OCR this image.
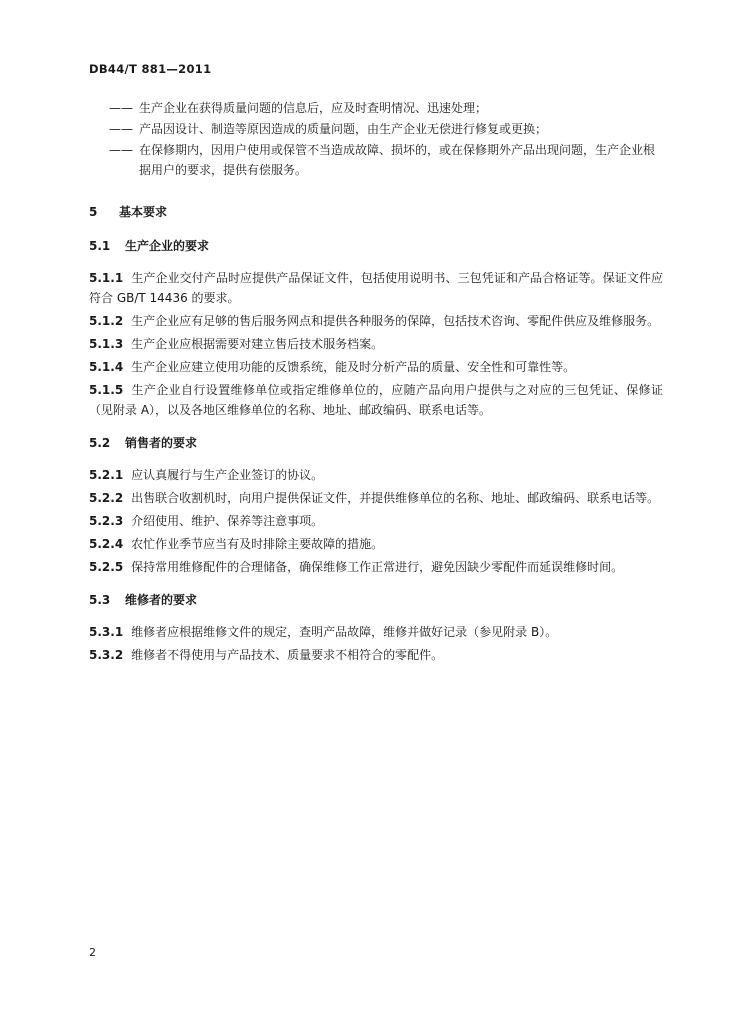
DB44/T 881—2011
—— 生产企业在获得质量问题的信息后，应及时查明情况、迅速处理；
—— 产品因设计、制造等原因造成的质量问题，由生产企业无偿进行修复或更换；
—— 在保修期内，因用户使用或保管不当造成故障、损坏的，或在保修期外产品出现问题，生产企业根据用户的要求，提供有偿服务。
5 基本要求
5.1 生产企业的要求
5.1.1 生产企业交付产品时应提供产品保证文件，包括使用说明书、三包凭证和产品合格证等。保证文件应符合 GB/T 14436 的要求。
5.1.2 生产企业应有足够的售后服务网点和提供各种服务的保障，包括技术咨询、零配件供应及维修服务。
5.1.3 生产企业应根据需要对建立售后技术服务档案。
5.1.4 生产企业应建立使用功能的反馈系统，能及时分析产品的质量、安全性和可靠性等。
5.1.5 生产企业自行设置维修单位或指定维修单位的，应随产品向用户提供与之对应的三包凭证、保修证（见附录 A），以及各地区维修单位的名称、地址、邮政编码、联系电话等。
5.2 销售者的要求
5.2.1 应认真履行与生产企业签订的协议。
5.2.2 出售联合收割机时，向用户提供保证文件，并提供维修单位的名称、地址、邮政编码、联系电话等。
5.2.3 介绍使用、维护、保养等注意事项。
5.2.4 农忙作业季节应当有及时排除主要故障的措施。
5.2.5 保持常用维修配件的合理储备，确保维修工作正常进行，避免因缺少零配件而延误维修时间。
5.3 维修者的要求
5.3.1 维修者应根据维修文件的规定，查明产品故障，维修并做好记录（参见附录 B）。
5.3.2 维修者不得使用与产品技术、质量要求不相符合的零配件。
2
